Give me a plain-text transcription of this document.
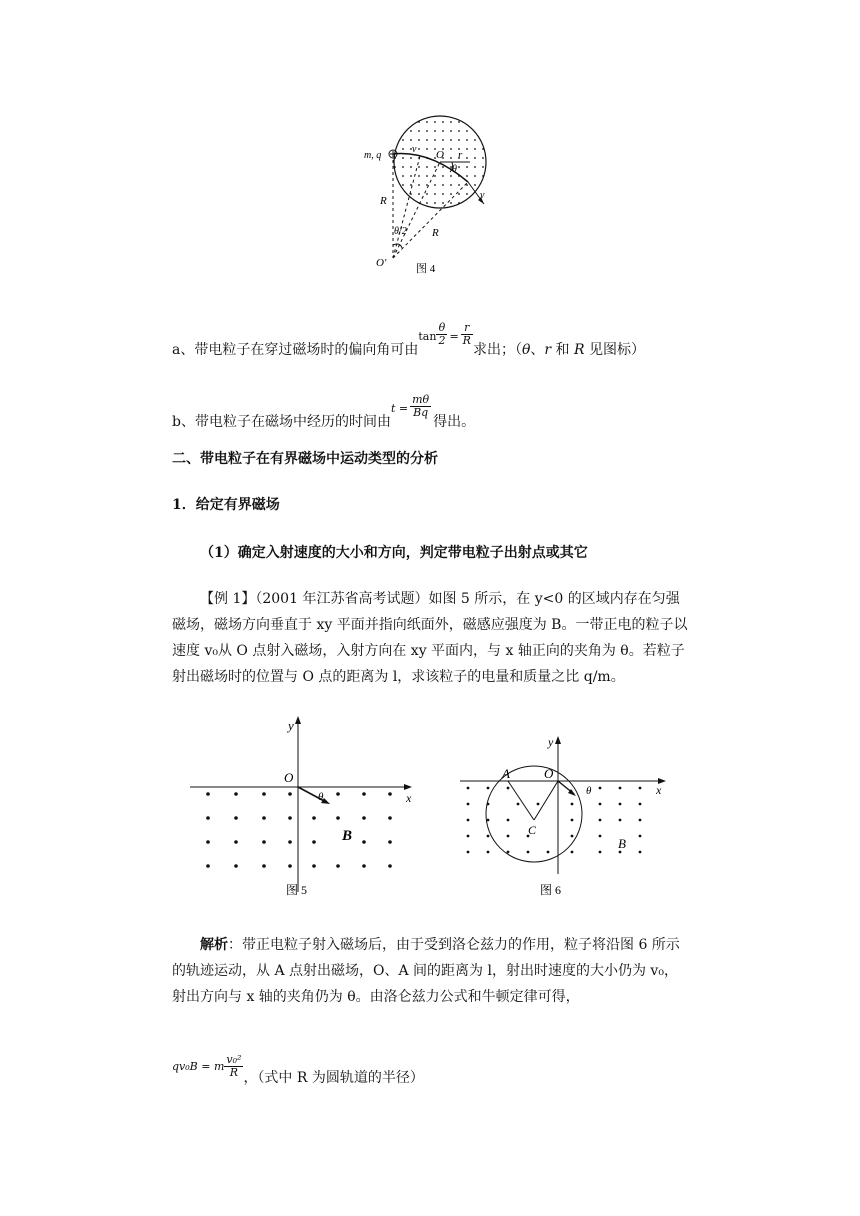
m, q
v O r
θ
v
R
R
θ/2
O'	图 4
a、带电粒子在穿过磁场时的偏向角可由$^{tan} \frac{\theta}{2} ^= \frac{r}{R}$
求出；（θ、r 和 R 见图标）
b、带电粒子在磁场中经历的时间由$^{t =} \frac{m\theta}{Bq}$
得出。
二、带电粒子在有界磁场中运动类型的分析
1．给定有界磁场
（1）确定入射速度的大小和方向，判定带电粒子出射点或其它
【例 1】（2001 年江苏省高考试题）如图 5 所示，在 y<0 的区域内存在匀强磁场，磁场方向垂直于 xy 平面并指向纸面外，磁感应强度为 B。一带正电的粒子以速度 v₀从 O 点射入磁场，入射方向在 xy 平面内，与 x 轴正向的夹角为 θ。若粒子射出磁场时的位置与 O 点的距离为 l，求该粒子的电量和质量之比 q/m。
y
O
x
θ
B
图 5
y
A	O
x
θ
C
B
图 6
解析：带正电粒子射入磁场后，由于受到洛仑兹力的作用，粒子将沿图 6 所示的轨迹运动，从 A 点射出磁场，O、A 间的距离为 l，射出时速度的大小仍为 v₀，射出方向与 x 轴的夹角仍为 θ。由洛仑兹力公式和牛顿定律可得，
$^{qv_0B = m} \frac{\text{v₀²}}{R}$ ，（式中 R 为圆轨道的半径）
